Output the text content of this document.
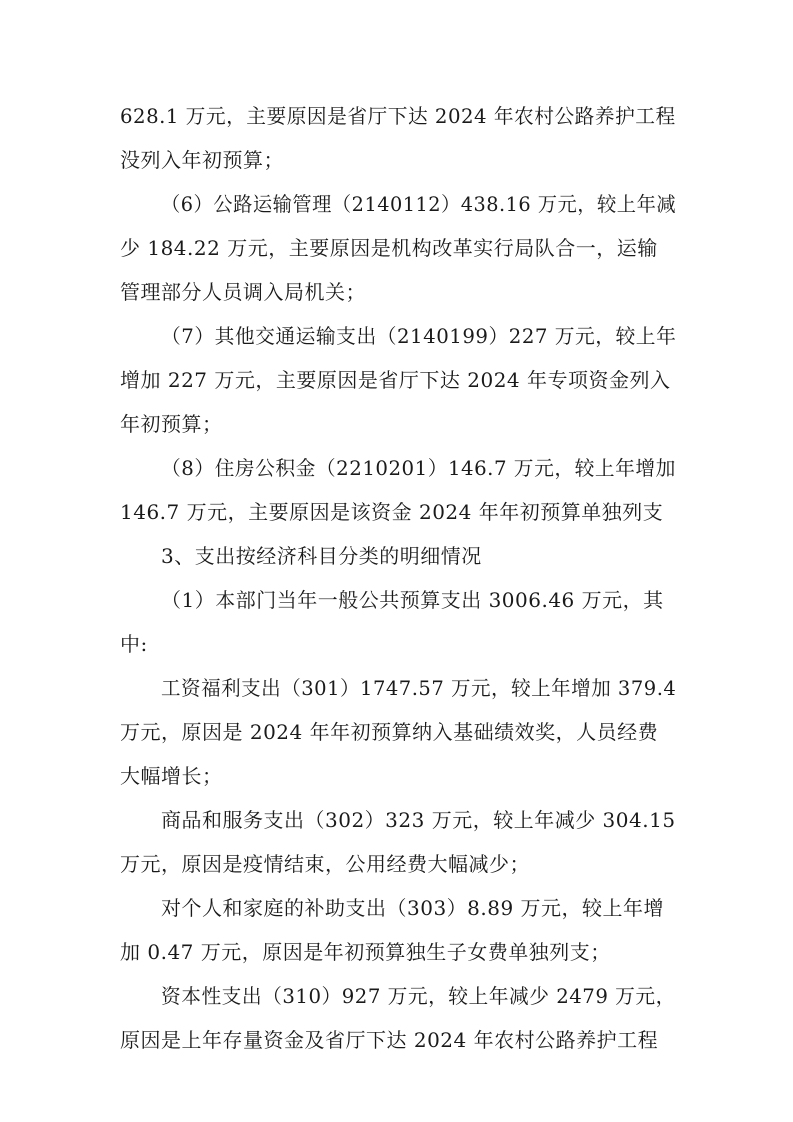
628.1 万元，主要原因是省厅下达 2024 年农村公路养护工程
没列入年初预算；
（6）公路运输管理（2140112）438.16 万元，较上年减
少 184.22 万元，主要原因是机构改革实行局队合一，运输
管理部分人员调入局机关；
（7）其他交通运输支出（2140199）227 万元，较上年
增加 227 万元，主要原因是省厅下达 2024 年专项资金列入
年初预算；
（8）住房公积金（2210201）146.7 万元，较上年增加
146.7 万元，主要原因是该资金 2024 年年初预算单独列支
3、支出按经济科目分类的明细情况
（1）本部门当年一般公共预算支出 3006.46 万元，其
中:
工资福利支出（301）1747.57 万元，较上年增加 379.4
万元，原因是 2024 年年初预算纳入基础绩效奖，人员经费
大幅增长；
商品和服务支出（302）323 万元，较上年减少 304.15
万元，原因是疫情结束，公用经费大幅减少；
对个人和家庭的补助支出（303）8.89 万元，较上年增
加 0.47 万元，原因是年初预算独生子女费单独列支；
资本性支出（310）927 万元，较上年减少 2479 万元，
原因是上年存量资金及省厅下达 2024 年农村公路养护工程
